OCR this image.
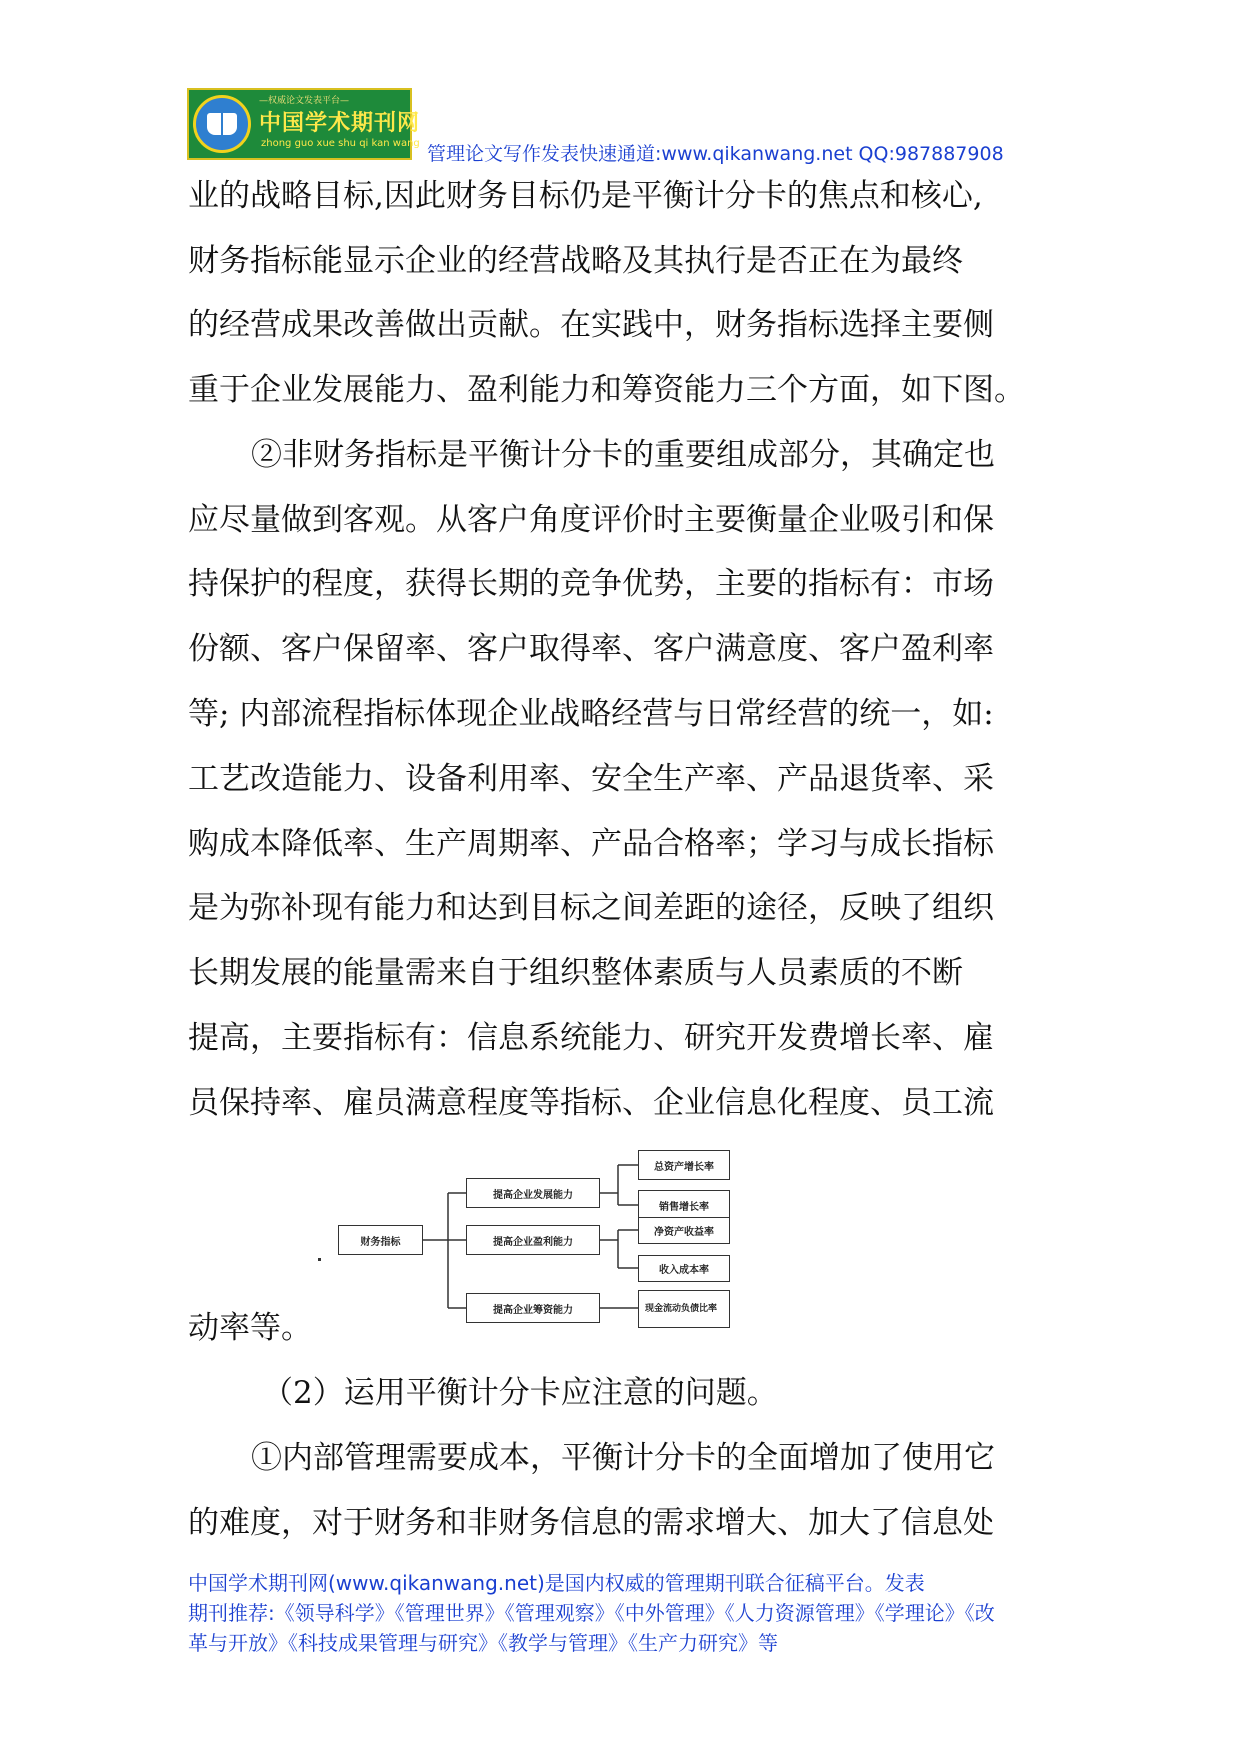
—权威论文发表平台—
中国学术期刊网
zhong guo xue shu qi kan wang 管理论文写作发表快速通道:www.qikanwang.net QQ:987887908
业的战略目标,因此财务目标仍是平衡计分卡的焦点和核心,
财务指标能显示企业的经营战略及其执行是否正在为最终
的经营成果改善做出贡献。在实践中，财务指标选择主要侧
重于企业发展能力、盈利能力和筹资能力三个方面，如下图。
②非财务指标是平衡计分卡的重要组成部分，其确定也
应尽量做到客观。从客户角度评价时主要衡量企业吸引和保
持保护的程度，获得长期的竞争优势，主要的指标有：市场
份额、客户保留率、客户取得率、客户满意度、客户盈利率
等; 内部流程指标体现企业战略经营与日常经营的统一，如:
工艺改造能力、设备利用率、安全生产率、产品退货率、采
购成本降低率、生产周期率、产品合格率；学习与成长指标
是为弥补现有能力和达到目标之间差距的途径，反映了组织
长期发展的能量需来自于组织整体素质与人员素质的不断
提高，主要指标有：信息系统能力、研究开发费增长率、雇
员保持率、雇员满意程度等指标、企业信息化程度、员工流
动率等。
（2）运用平衡计分卡应注意的问题。
①内部管理需要成本，平衡计分卡的全面增加了使用它
的难度，对于财务和非财务信息的需求增大、加大了信息处
财务指标
提高企业发展能力
提高企业盈利能力
提高企业筹资能力
总资产增长率
销售增长率
净资产收益率
收入成本率
现金流动负债比率
中国学术期刊网(www.qikanwang.net)是国内权威的管理期刊联合征稿平台。发表
期刊推荐:《领导科学》《管理世界》《管理观察》《中外管理》《人力资源管理》《学理论》《改
革与开放》《科技成果管理与研究》《教学与管理》《生产力研究》等
